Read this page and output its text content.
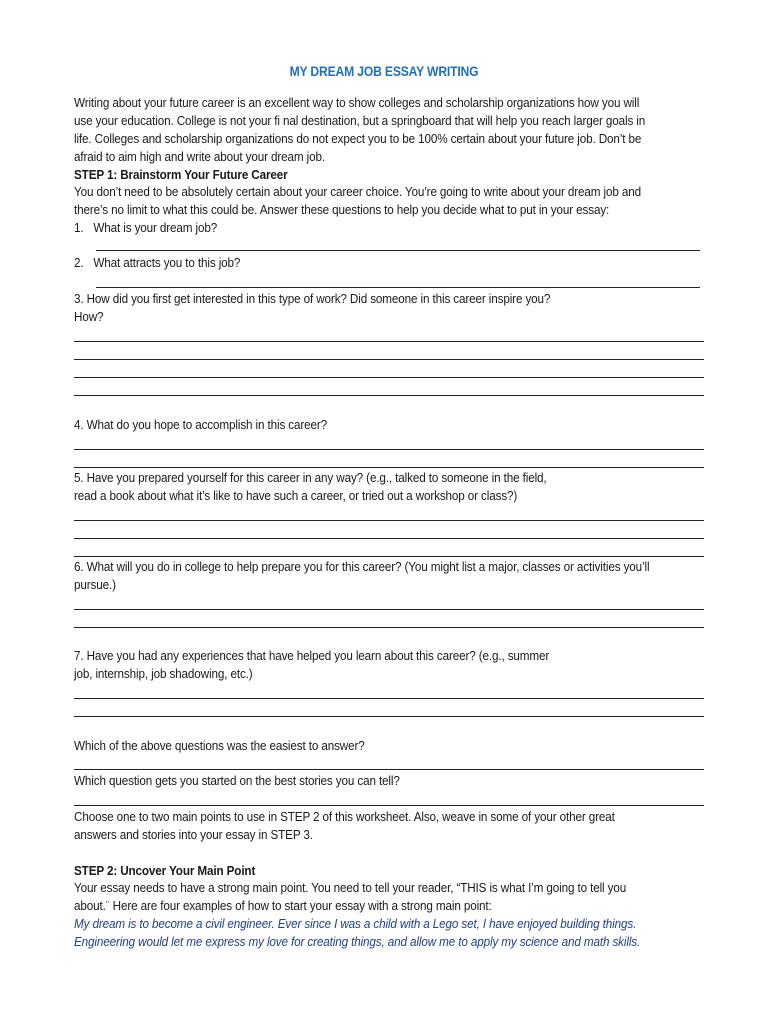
MY DREAM JOB ESSAY WRITING

Writing about your future career is an excellent way to show colleges and scholarship organizations how you will

use your education. College is not your fi nal destination, but a springboard that will help you reach larger goals in

life. Colleges and scholarship organizations do not expect you to be 100% certain about your future job. Don’t be

afraid to aim high and write about your dream job.

STEP 1: Brainstorm Your Future Career

You don’t need to be absolutely certain about your career choice. You’re going to write about your dream job and

there’s no limit to what this could be. Answer these questions to help you decide what to put in your essay:

1. What is your dream job?

2. What attracts you to this job?

3. How did you first get interested in this type of work? Did someone in this career inspire you?

How?

4. What do you hope to accomplish in this career?

5. Have you prepared yourself for this career in any way? (e.g., talked to someone in the field,

read a book about what it’s like to have such a career, or tried out a workshop or class?)

6. What will you do in college to help prepare you for this career? (You might list a major, classes or activities you’ll

pursue.)

7. Have you had any experiences that have helped you learn about this career? (e.g., summer

job, internship, job shadowing, etc.)

Which of the above questions was the easiest to answer?

Which question gets you started on the best stories you can tell?

Choose one to two main points to use in STEP 2 of this worksheet. Also, weave in some of your other great

answers and stories into your essay in STEP 3.

STEP 2: Uncover Your Main Point

Your essay needs to have a strong main point. You need to tell your reader, “THIS is what I’m going to tell you

about.¨ Here are four examples of how to start your essay with a strong main point:

My dream is to become a civil engineer. Ever since I was a child with a Lego set, I have enjoyed building things.

Engineering would let me express my love for creating things, and allow me to apply my science and math skills.
